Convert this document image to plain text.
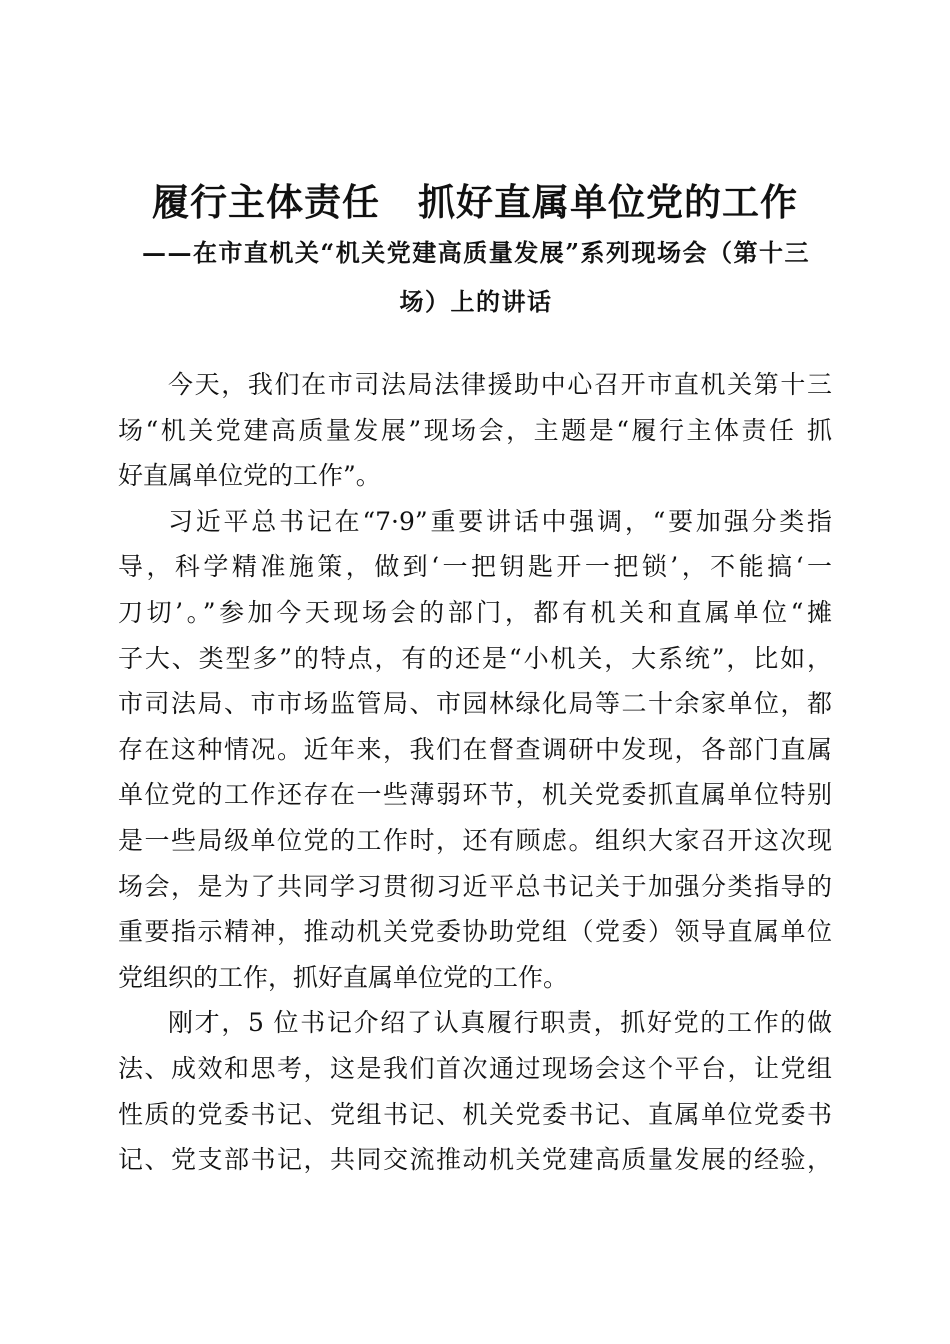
履行主体责任　抓好直属单位党的工作
——在市直机关“机关党建高质量发展”系列现场会（第十三
场）上的讲话
今天，我们在市司法局法律援助中心召开市直机关第十三
场“机关党建高质量发展”现场会，主题是“履行主体责任 抓
好直属单位党的工作”。
习近平总书记在“7·9”重要讲话中强调，“要加强分类指
导，科学精准施策，做到‘一把钥匙开一把锁’，不能搞‘一
刀切’。”参加今天现场会的部门，都有机关和直属单位“摊
子大、类型多”的特点，有的还是“小机关，大系统”，比如，
市司法局、市市场监管局、市园林绿化局等二十余家单位，都
存在这种情况。近年来，我们在督查调研中发现，各部门直属
单位党的工作还存在一些薄弱环节，机关党委抓直属单位特别
是一些局级单位党的工作时，还有顾虑。组织大家召开这次现
场会，是为了共同学习贯彻习近平总书记关于加强分类指导的
重要指示精神，推动机关党委协助党组（党委）领导直属单位
党组织的工作，抓好直属单位党的工作。
刚才，5 位书记介绍了认真履行职责，抓好党的工作的做
法、成效和思考，这是我们首次通过现场会这个平台，让党组
性质的党委书记、党组书记、机关党委书记、直属单位党委书
记、党支部书记，共同交流推动机关党建高质量发展的经验，
